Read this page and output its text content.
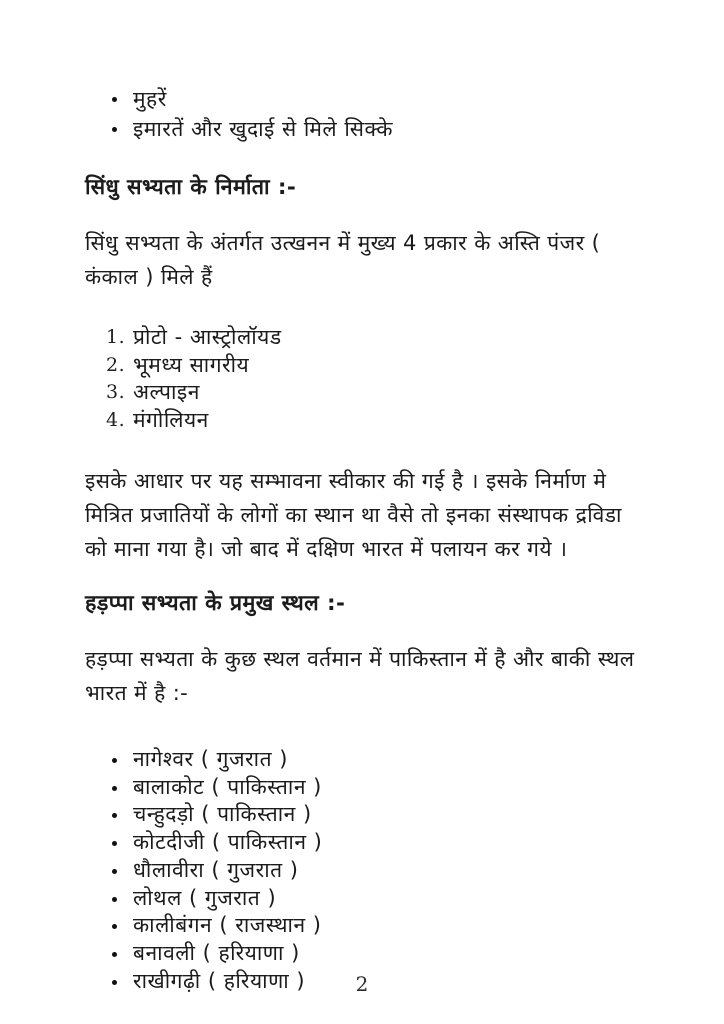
मुहरें
इमारतें और खुदाई से मिले सिक्के
सिंधु सभ्यता के निर्माता :-
सिंधु सभ्यता के अंतर्गत उत्खनन में मुख्य 4 प्रकार के अस्ति पंजर ( कंकाल ) मिले हैं
प्रोटो - आस्ट्रोलॉयड
भूमध्य सागरीय
अल्पाइन
मंगोलियन
इसके आधार पर यह सम्भावना स्वीकार की गई है । इसके निर्माण मे मित्रित प्रजातियों के लोगों का स्थान था वैसे तो इनका संस्थापक द्रविडा को माना गया है। जो बाद में दक्षिण भारत में पलायन कर गये ।
हड़प्पा सभ्यता के प्रमुख स्थल :-
हड़प्पा सभ्यता के कुछ स्थल वर्तमान में पाकिस्तान में है और बाकी स्थल भारत में है :-
नागेश्वर ( गुजरात )
बालाकोट ( पाकिस्तान )
चन्हुदड़ो ( पाकिस्तान )
कोटदीजी ( पाकिस्तान )
धौलावीरा ( गुजरात )
लोथल ( गुजरात )
कालीबंगन ( राजस्थान )
बनावली ( हरियाणा )
राखीगढ़ी ( हरियाणा )	2
